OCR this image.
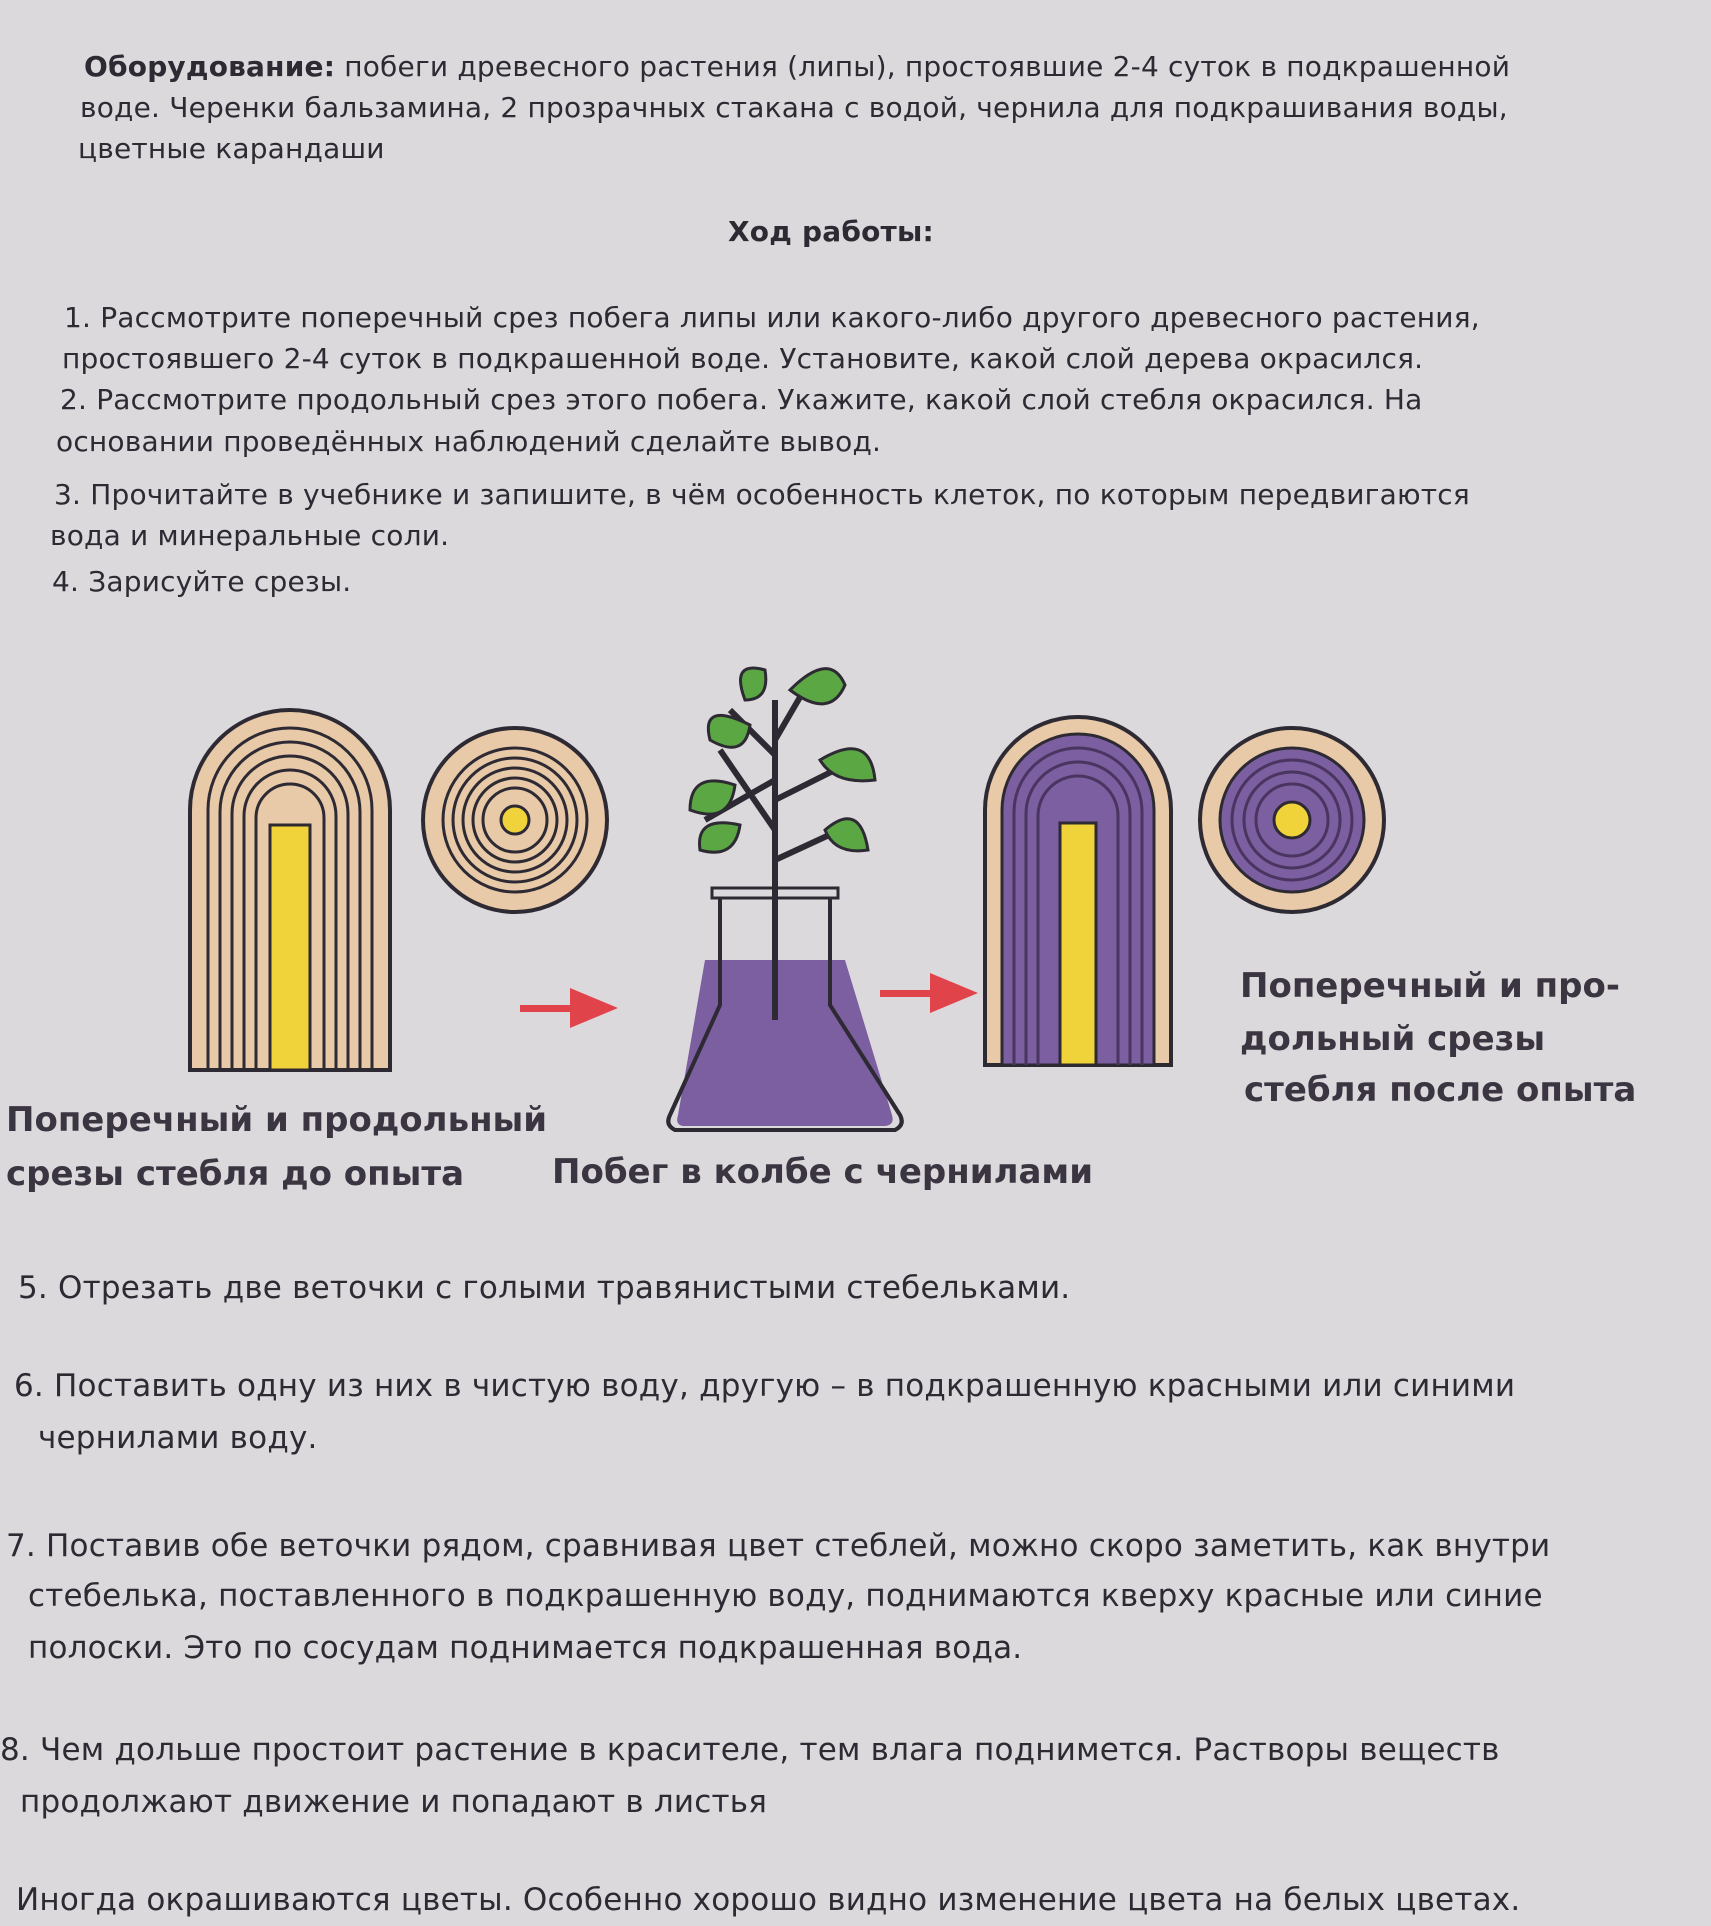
Оборудование: побеги древесного растения (липы), простоявшие 2-4 суток в подкрашенной
воде. Черенки бальзамина, 2 прозрачных стакана с водой, чернила для подкрашивания воды,
цветные карандаши
Ход работы:
1. Рассмотрите поперечный срез побега липы или какого-либо другого древесного растения,
простоявшего 2-4 суток в подкрашенной воде. Установите, какой слой дерева окрасился.
2. Рассмотрите продольный срез этого побега. Укажите, какой слой стебля окрасился. На
основании проведённых наблюдений сделайте вывод.
3. Прочитайте в учебнике и запишите, в чём особенность клеток, по которым передвигаются
вода и минеральные соли.
4. Зарисуйте срезы.
Поперечный и продольный
срезы стебля до опыта	Побег в колбе с чернилами
Поперечный и про-
дольный срезы
стебля после опыта
5. Отрезать две веточки с голыми травянистыми стебельками.
6. Поставить одну из них в чистую воду, другую – в подкрашенную красными или синими
чернилами воду.
7. Поставив обе веточки рядом, сравнивая цвет стеблей, можно скоро заметить, как внутри
стебелька, поставленного в подкрашенную воду, поднимаются кверху красные или синие
полоски. Это по сосудам поднимается подкрашенная вода.
8. Чем дольше простоит растение в красителе, тем влага поднимется. Растворы веществ
продолжают движение и попадают в листья
Иногда окрашиваются цветы. Особенно хорошо видно изменение цвета на белых цветах.
